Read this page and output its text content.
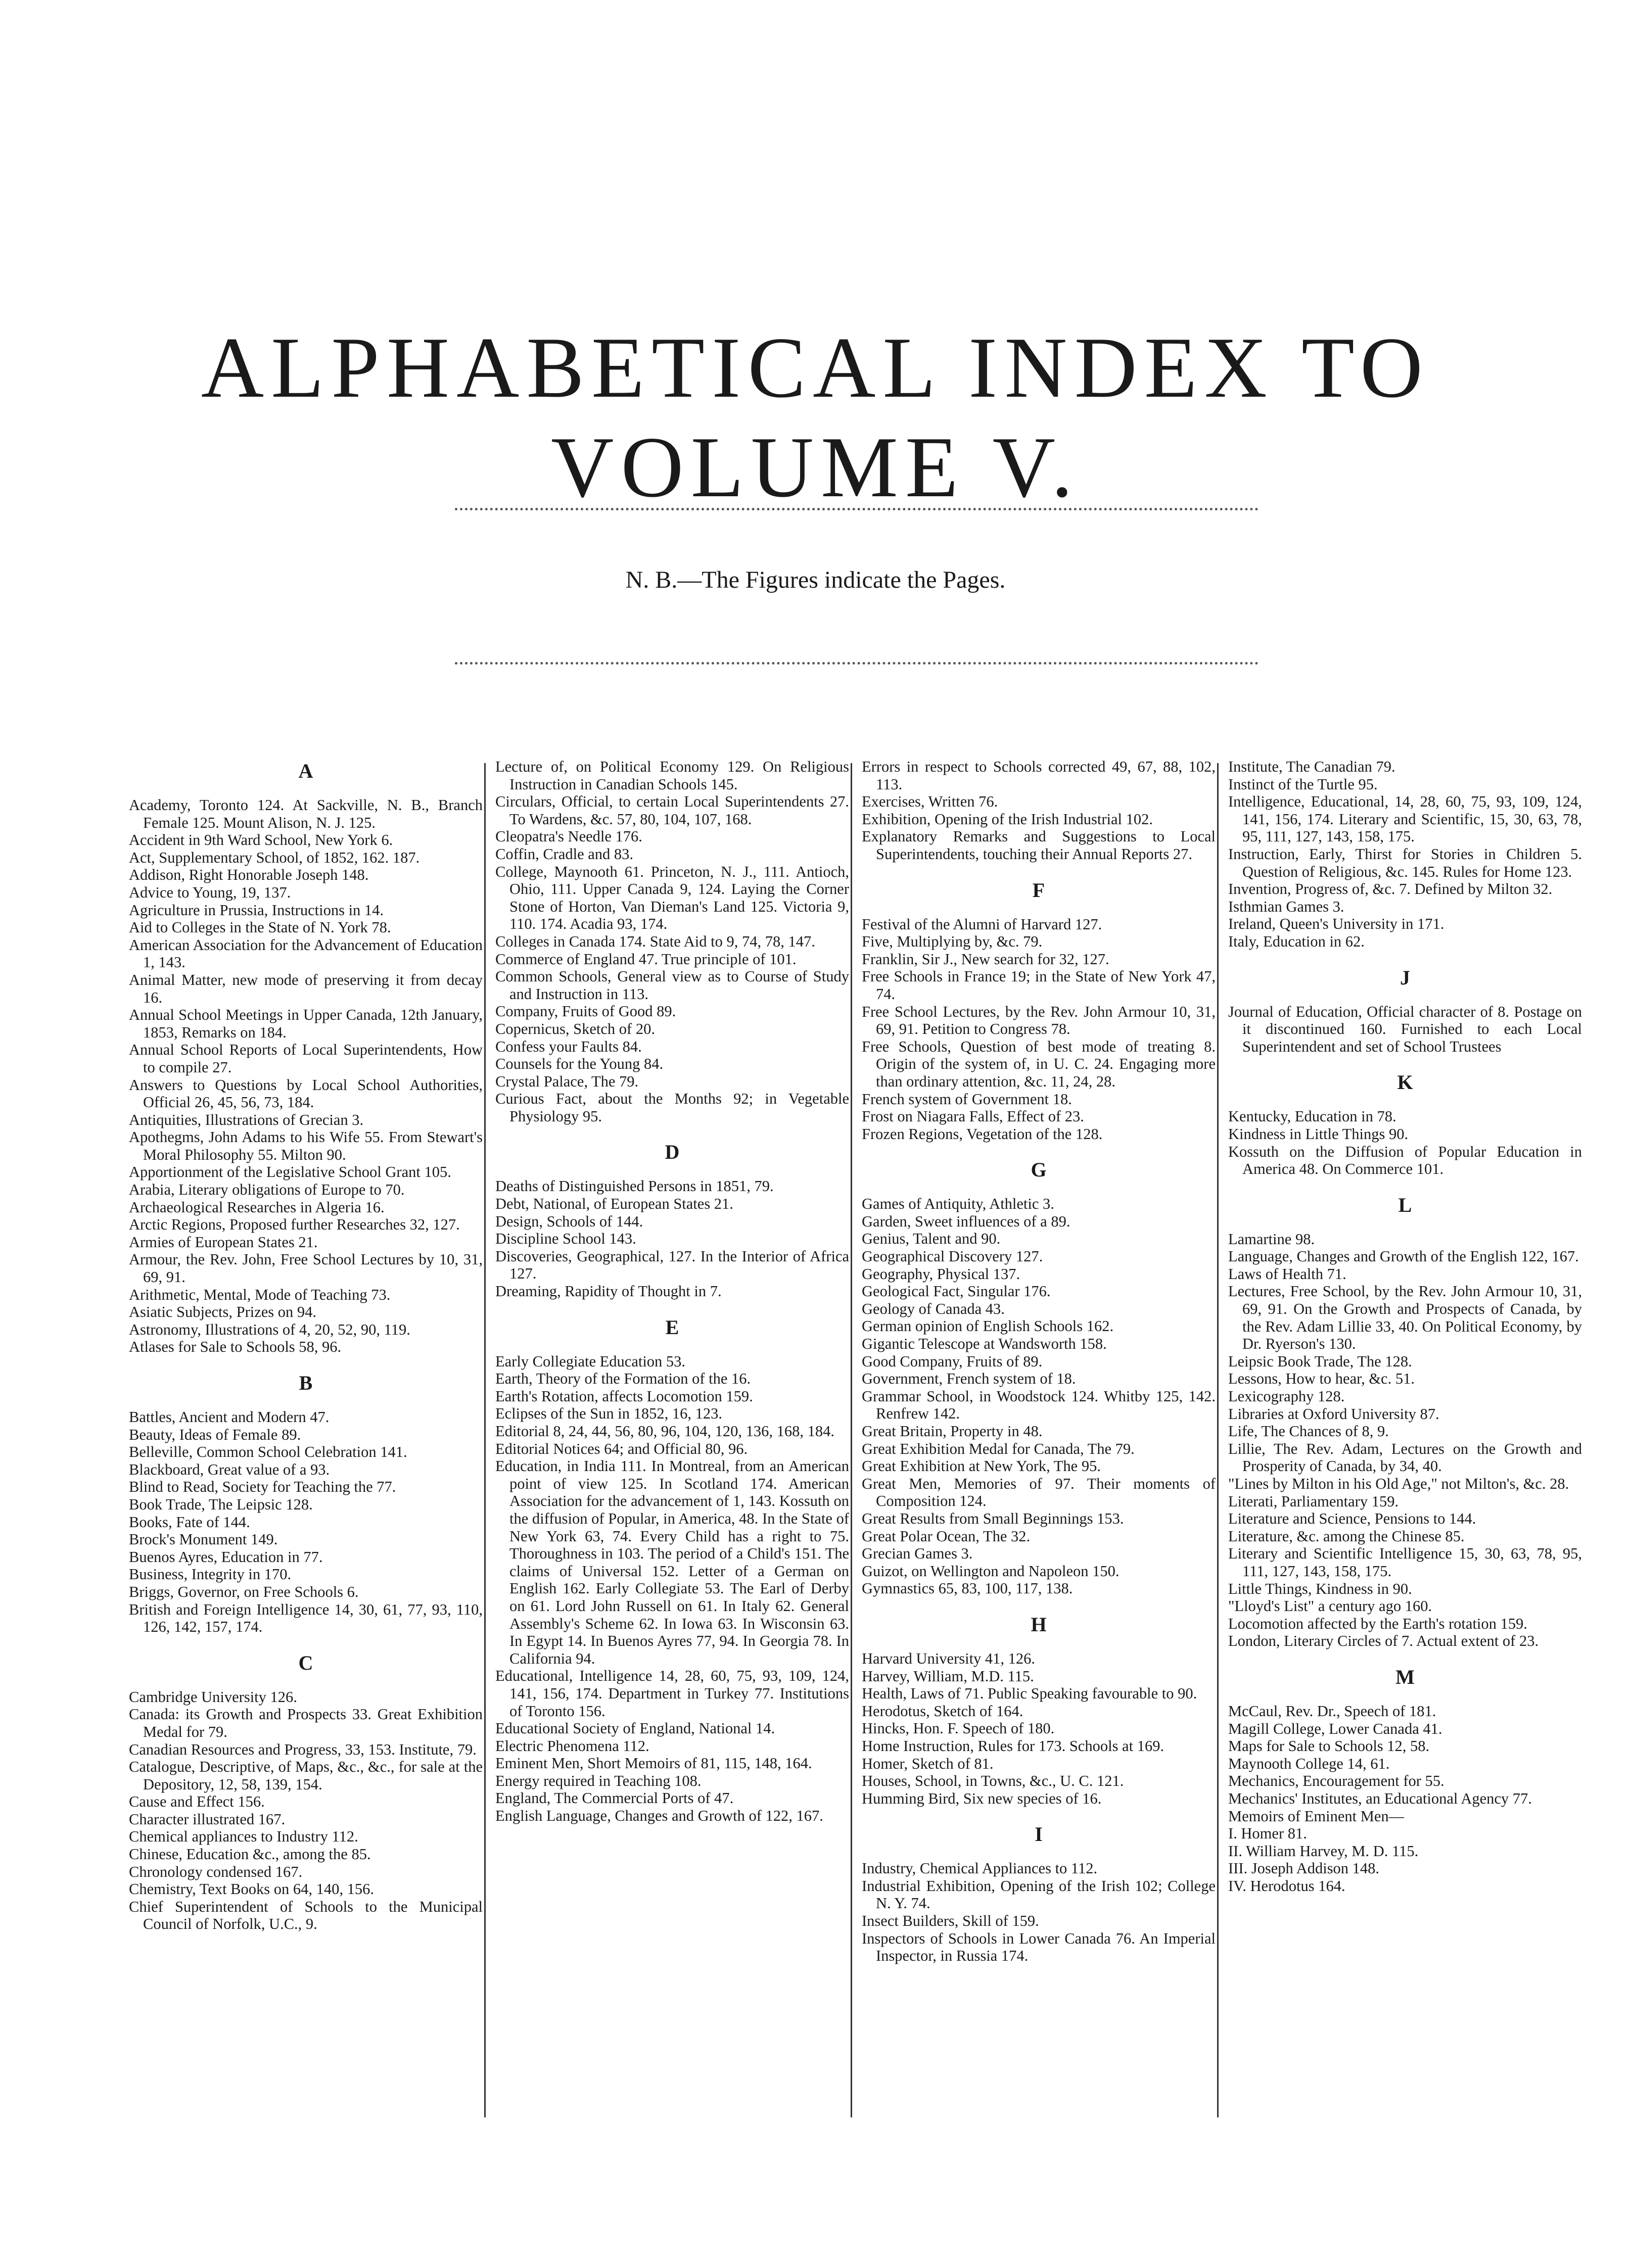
ALPHABETICAL INDEX TO VOLUME V.
N. B.—The Figures indicate the Pages.
A
Academy, Toronto 124. At Sackville, N. B., Branch Female 125. Mount Alison, N. J. 125.
Accident in 9th Ward School, New York 6.
Act, Supplementary School, of 1852, 162. 187.
Addison, Right Honorable Joseph 148.
Advice to Young, 19, 137.
Agriculture in Prussia, Instructions in 14.
Aid to Colleges in the State of N. York 78.
American Association for the Advancement of Education 1, 143.
Animal Matter, new mode of preserving it from decay 16.
Annual School Meetings in Upper Canada, 12th January, 1853, Remarks on 184.
Annual School Reports of Local Superintendents, How to compile 27.
Answers to Questions by Local School Authorities, Official 26, 45, 56, 73, 184.
Antiquities, Illustrations of Grecian 3.
Apothegms, John Adams to his Wife 55. From Stewart's Moral Philosophy 55. Milton 90.
Apportionment of the Legislative School Grant 105.
Arabia, Literary obligations of Europe to 70.
Archaeological Researches in Algeria 16.
Arctic Regions, Proposed further Researches 32, 127.
Armies of European States 21.
Armour, the Rev. John, Free School Lectures by 10, 31, 69, 91.
Arithmetic, Mental, Mode of Teaching 73.
Asiatic Subjects, Prizes on 94.
Astronomy, Illustrations of 4, 20, 52, 90, 119.
Atlases for Sale to Schools 58, 96.
B
Battles, Ancient and Modern 47.
Beauty, Ideas of Female 89.
Belleville, Common School Celebration 141.
Blackboard, Great value of a 93.
Blind to Read, Society for Teaching the 77.
Book Trade, The Leipsic 128.
Books, Fate of 144.
Brock's Monument 149.
Buenos Ayres, Education in 77.
Business, Integrity in 170.
Briggs, Governor, on Free Schools 6.
British and Foreign Intelligence 14, 30, 61, 77, 93, 110, 126, 142, 157, 174.
C
Cambridge University 126.
Canada: its Growth and Prospects 33. Great Exhibition Medal for 79.
Canadian Resources and Progress, 33, 153. Institute, 79.
Catalogue, Descriptive, of Maps, &c., &c., for sale at the Depository, 12, 58, 139, 154.
Cause and Effect 156.
Character illustrated 167.
Chemical appliances to Industry 112.
Chinese, Education &c., among the 85.
Chronology condensed 167.
Chemistry, Text Books on 64, 140, 156.
Chief Superintendent of Schools to the Municipal Council of Norfolk, U.C., 9.
Lecture of, on Political Economy 129. On Religious Instruction in Canadian Schools 145.
Circulars, Official, to certain Local Superintendents 27. To Wardens, &c. 57, 80, 104, 107, 168.
Cleopatra's Needle 176.
Coffin, Cradle and 83.
College, Maynooth 61. Princeton, N. J., 111. Antioch, Ohio, 111. Upper Canada 9, 124. Laying the Corner Stone of Horton, Van Dieman's Land 125. Victoria 9, 110. 174. Acadia 93, 174.
Colleges in Canada 174. State Aid to 9, 74, 78, 147.
Commerce of England 47. True principle of 101.
Common Schools, General view as to Course of Study and Instruction in 113.
Company, Fruits of Good 89.
Copernicus, Sketch of 20.
Confess your Faults 84.
Counsels for the Young 84.
Crystal Palace, The 79.
Curious Fact, about the Months 92; in Vegetable Physiology 95.
D
Deaths of Distinguished Persons in 1851, 79.
Debt, National, of European States 21.
Design, Schools of 144.
Discipline School 143.
Discoveries, Geographical, 127. In the Interior of Africa 127.
Dreaming, Rapidity of Thought in 7.
E
Early Collegiate Education 53.
Earth, Theory of the Formation of the 16.
Earth's Rotation, affects Locomotion 159.
Eclipses of the Sun in 1852, 16, 123.
Editorial 8, 24, 44, 56, 80, 96, 104, 120, 136, 168, 184.
Editorial Notices 64; and Official 80, 96.
Education, in India 111. In Montreal, from an American point of view 125. In Scotland 174. American Association for the advancement of 1, 143. Kossuth on the diffusion of Popular, in America, 48. In the State of New York 63, 74. Every Child has a right to 75. Thoroughness in 103. The period of a Child's 151. The claims of Universal 152. Letter of a German on English 162. Early Collegiate 53. The Earl of Derby on 61. Lord John Russell on 61. In Italy 62. General Assembly's Scheme 62. In Iowa 63. In Wisconsin 63. In Egypt 14. In Buenos Ayres 77, 94. In Georgia 78. In California 94.
Educational, Intelligence 14, 28, 60, 75, 93, 109, 124, 141, 156, 174. Department in Turkey 77. Institutions of Toronto 156.
Educational Society of England, National 14.
Electric Phenomena 112.
Eminent Men, Short Memoirs of 81, 115, 148, 164.
Energy required in Teaching 108.
England, The Commercial Ports of 47.
English Language, Changes and Growth of 122, 167.
Errors in respect to Schools corrected 49, 67, 88, 102, 113.
Exercises, Written 76.
Exhibition, Opening of the Irish Industrial 102.
Explanatory Remarks and Suggestions to Local Superintendents, touching their Annual Reports 27.
F
Festival of the Alumni of Harvard 127.
Five, Multiplying by, &c. 79.
Franklin, Sir J., New search for 32, 127.
Free Schools in France 19; in the State of New York 47, 74.
Free School Lectures, by the Rev. John Armour 10, 31, 69, 91. Petition to Congress 78.
Free Schools, Question of best mode of treating 8. Origin of the system of, in U. C. 24. Engaging more than ordinary attention, &c. 11, 24, 28.
French system of Government 18.
Frost on Niagara Falls, Effect of 23.
Frozen Regions, Vegetation of the 128.
G
Games of Antiquity, Athletic 3.
Garden, Sweet influences of a 89.
Genius, Talent and 90.
Geographical Discovery 127.
Geography, Physical 137.
Geological Fact, Singular 176.
Geology of Canada 43.
German opinion of English Schools 162.
Gigantic Telescope at Wandsworth 158.
Good Company, Fruits of 89.
Government, French system of 18.
Grammar School, in Woodstock 124. Whitby 125, 142. Renfrew 142.
Great Britain, Property in 48.
Great Exhibition Medal for Canada, The 79.
Great Exhibition at New York, The 95.
Great Men, Memories of 97. Their moments of Composition 124.
Great Results from Small Beginnings 153.
Great Polar Ocean, The 32.
Grecian Games 3.
Guizot, on Wellington and Napoleon 150.
Gymnastics 65, 83, 100, 117, 138.
H
Harvard University 41, 126.
Harvey, William, M.D. 115.
Health, Laws of 71. Public Speaking favourable to 90.
Herodotus, Sketch of 164.
Hincks, Hon. F. Speech of 180.
Home Instruction, Rules for 173. Schools at 169.
Homer, Sketch of 81.
Houses, School, in Towns, &c., U. C. 121.
Humming Bird, Six new species of 16.
I
Industry, Chemical Appliances to 112.
Industrial Exhibition, Opening of the Irish 102; College N. Y. 74.
Insect Builders, Skill of 159.
Inspectors of Schools in Lower Canada 76. An Imperial Inspector, in Russia 174.
Institute, The Canadian 79.
Instinct of the Turtle 95.
Intelligence, Educational, 14, 28, 60, 75, 93, 109, 124, 141, 156, 174. Literary and Scientific, 15, 30, 63, 78, 95, 111, 127, 143, 158, 175.
Instruction, Early, Thirst for Stories in Children 5. Question of Religious, &c. 145. Rules for Home 123.
Invention, Progress of, &c. 7. Defined by Milton 32.
Isthmian Games 3.
Ireland, Queen's University in 171.
Italy, Education in 62.
J
Journal of Education, Official character of 8. Postage on it discontinued 160. Furnished to each Local Superintendent and set of School Trustees
K
Kentucky, Education in 78.
Kindness in Little Things 90.
Kossuth on the Diffusion of Popular Education in America 48. On Commerce 101.
L
Lamartine 98.
Language, Changes and Growth of the English 122, 167.
Laws of Health 71.
Lectures, Free School, by the Rev. John Armour 10, 31, 69, 91. On the Growth and Prospects of Canada, by the Rev. Adam Lillie 33, 40. On Political Economy, by Dr. Ryerson's 130.
Leipsic Book Trade, The 128.
Lessons, How to hear, &c. 51.
Lexicography 128.
Libraries at Oxford University 87.
Life, The Chances of 8, 9.
Lillie, The Rev. Adam, Lectures on the Growth and Prosperity of Canada, by 34, 40.
"Lines by Milton in his Old Age," not Milton's, &c. 28.
Literati, Parliamentary 159.
Literature and Science, Pensions to 144.
Literature, &c. among the Chinese 85.
Literary and Scientific Intelligence 15, 30, 63, 78, 95, 111, 127, 143, 158, 175.
Little Things, Kindness in 90.
"Lloyd's List" a century ago 160.
Locomotion affected by the Earth's rotation 159.
London, Literary Circles of 7. Actual extent of 23.
M
McCaul, Rev. Dr., Speech of 181.
Magill College, Lower Canada 41.
Maps for Sale to Schools 12, 58.
Maynooth College 14, 61.
Mechanics, Encouragement for 55.
Mechanics' Institutes, an Educational Agency 77.
Memoirs of Eminent Men—
I. Homer 81.
II. William Harvey, M. D. 115.
III. Joseph Addison 148.
IV. Herodotus 164.
